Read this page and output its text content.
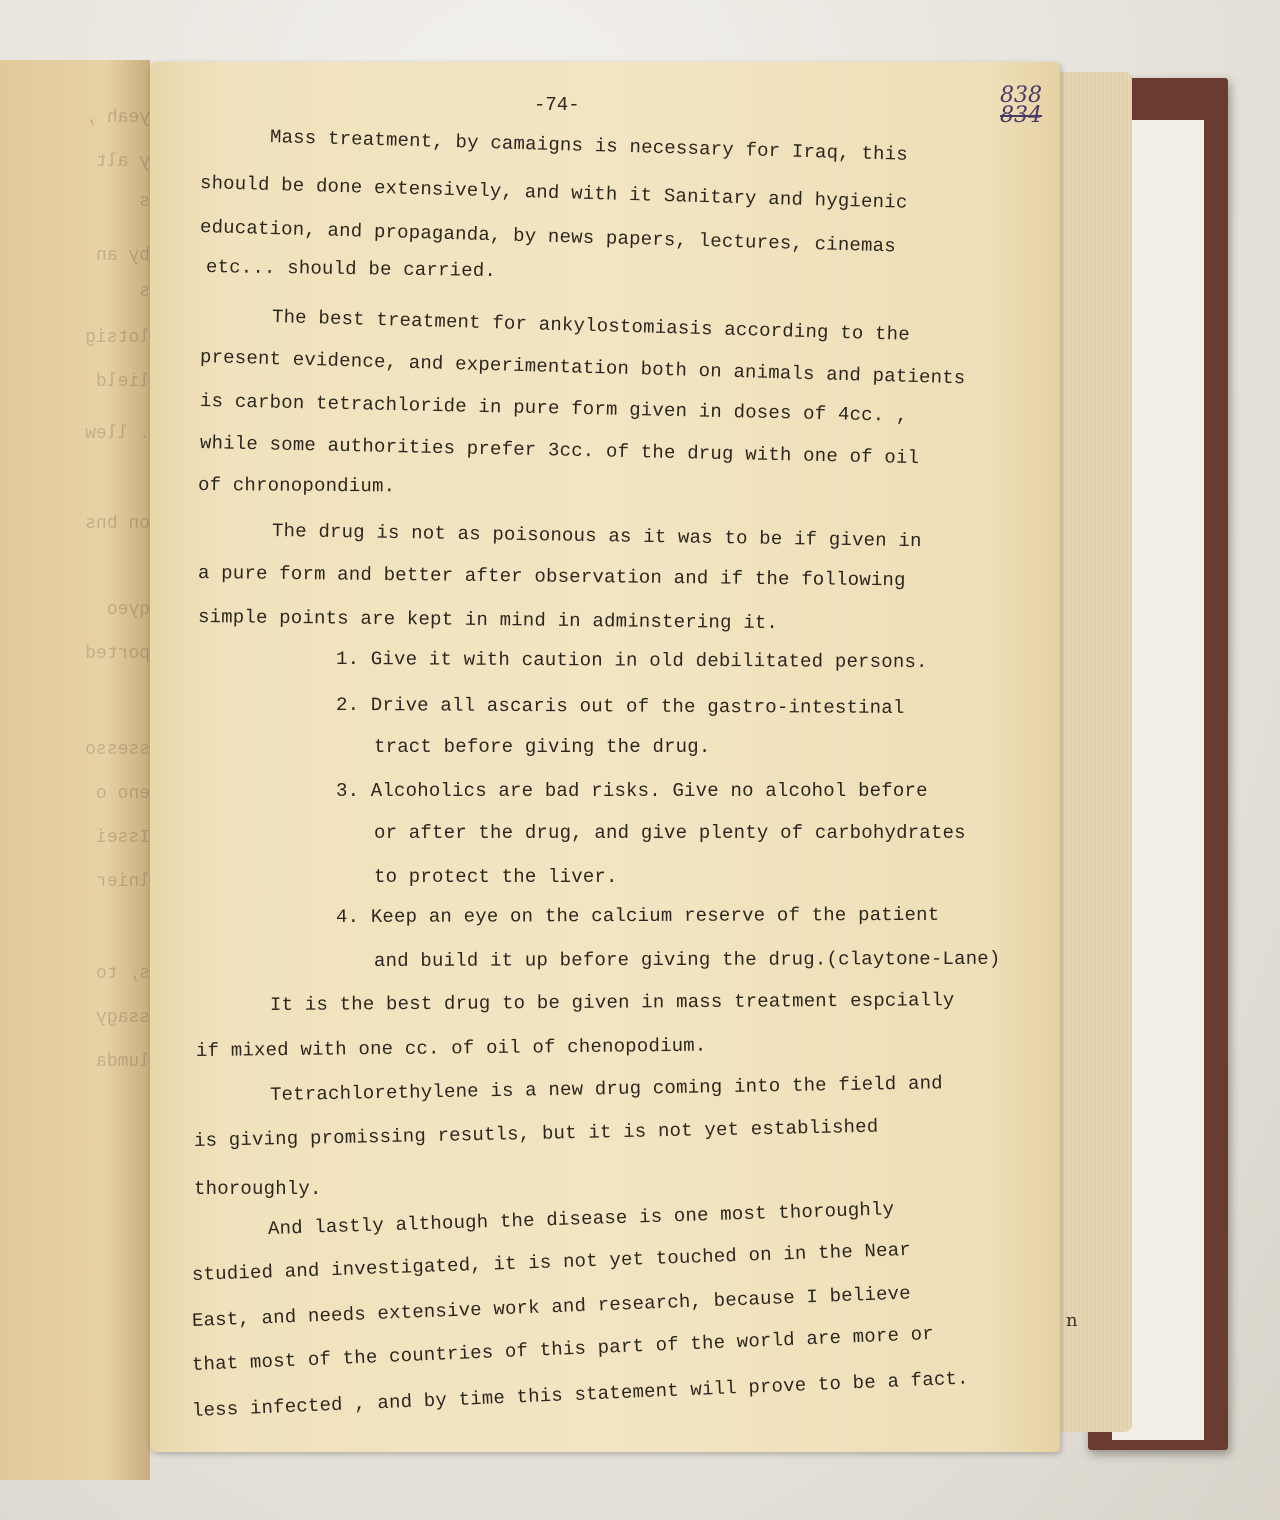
n
yeah ,
y alt
s
by an
s
lotsig
lield
. llew
on bns
qyeo
ported
ssesso
eno o
Issei
lnier
s, to
ssagy
lumda
838
834
-74-
Mass treatment, by camaigns is necessary for Iraq, this
should be done extensively, and with it Sanitary and hygienic
education, and propaganda, by news papers, lectures, cinemas
etc... should be carried.
The best treatment for ankylostomiasis according to the
present evidence, and experimentation both on animals and patients
is carbon tetrachloride in pure form given in doses of 4cc. ,
while some authorities prefer 3cc. of the drug with one of oil
of chronopondium.
The drug is not as poisonous as it was to be if given in
a pure form and better after observation and if the following
simple points are kept in mind in adminstering it.
1. Give it with caution in old debilitated persons.
2. Drive all ascaris out of the gastro-intestinal
tract before giving the drug.
3. Alcoholics are bad risks. Give no alcohol before
or after the drug, and give plenty of carbohydrates
to protect the liver.
4. Keep an eye on the calcium reserve of the patient
and build it up before giving the drug.(claytone-Lane)
It is the best drug to be given in mass treatment espcially
if mixed with one cc. of oil of chenopodium.
Tetrachlorethylene is a new drug coming into the field and
is giving promissing resutls, but it is not yet established
thoroughly.
And lastly although the disease is one most thoroughly
studied and investigated, it is not yet touched on in the Near
East, and needs extensive work and research, because I believe
that most of the countries of this part of the world are more or
less infected , and by time this statement will prove to be a fact.
